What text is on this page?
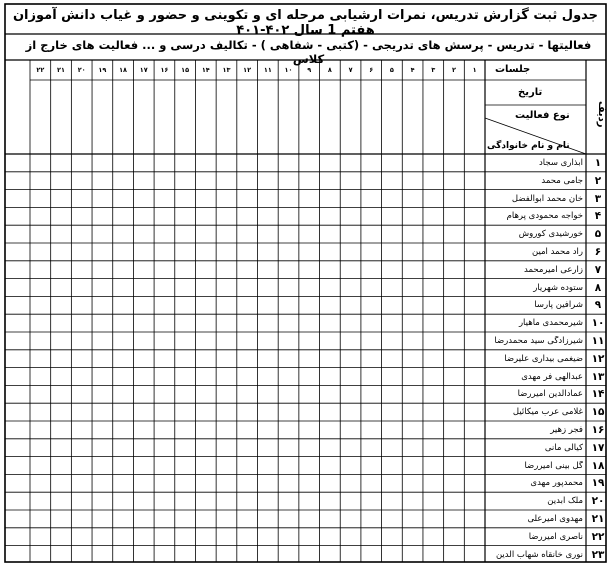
جدول ثبت گزارش تدریس، نمرات ارشیابی مرحله ای و تکوینی و حضور و غیاب دانش آموزان هفتم 1 سال ۴۰۲-۴۰۱
فعالیتها - تدریس - پرسش های تدریجی - (کتبی - شفاهی ) - تکالیف درسی و ... فعالیت های خارج از کلاس
جلسات
تاریخ
نوع فعالیت
نام و نام خانوادگی
ردیف
۱
۲
۳
۴
۵
۶
۷
۸
۹
۱۰
۱۱
۱۲
۱۳
۱۴
۱۵
۱۶
۱۷
۱۸
۱۹
۲۰
۲۱
۲۲
۱
ابذاری سجاد
۲
جامی محمد
۳
خان محمد ابوالفضل
۴
خواجه محمودی پرهام
۵
خورشیدی کوروش
۶
راد محمد امین
۷
زارعی امیرمحمد
۸
ستوده شهریار
۹
شرافین پارسا
۱۰
شیرمحمدی ماهیار
۱۱
شیرزادگی سید محمدرضا
۱۲
ضیغمی بیداری علیرضا
۱۳
عبدالهی فر مهدی
۱۴
عمادالدین امیررضا
۱۵
غلامی عرب میکائیل
۱۶
فجر زهیر
۱۷
کیالی مانی
۱۸
گل بینی امیررضا
۱۹
محمدپور مهدی
۲۰
ملک آبدین
۲۱
مهدوی امیرعلی
۲۲
ناصری امیررضا
۲۳
نوری خانقاه شهاب الدین
